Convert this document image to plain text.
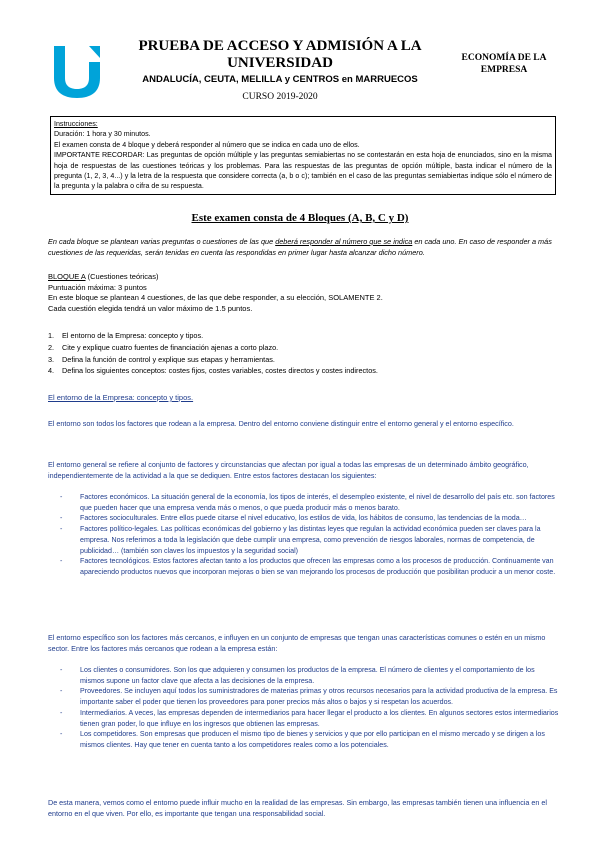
PRUEBA DE ACCESO Y ADMISIÓN A LA UNIVERSIDAD
ANDALUCÍA, CEUTA, MELILLA y CENTROS en MARRUECOS
CURSO 2019-2020
ECONOMÍA DE LA EMPRESA

Instrucciones:

Duración: 1 hora y 30 minutos.

El examen consta de 4 bloque y deberá responder al número que se indica en cada uno de ellos.

IMPORTANTE RECORDAR: Las preguntas de opción múltiple y las preguntas semiabiertas no se contestarán en esta hoja de enunciados, sino en la misma hoja de respuestas de las cuestiones teóricas y los problemas. Para las respuestas de las preguntas de opción múltiple, basta indicar el número de la pregunta (1, 2, 3, 4...) y la letra de la respuesta que considere correcta (a, b o c); también en el caso de las preguntas semiabiertas indique sólo el número de la pregunta y la palabra o cifra de su respuesta.

Este examen consta de 4 Bloques (A, B, C y D)

En cada bloque se plantean varias preguntas o cuestiones de las que deberá responder al número que se indica en cada uno. En caso de responder a más cuestiones de las requeridas, serán tenidas en cuenta las respondidas en primer lugar hasta alcanzar dicho número.

BLOQUE A (Cuestiones teóricas)

Puntuación máxima: 3 puntos

En este bloque se plantean 4 cuestiones, de las que debe responder, a su elección, SOLAMENTE 2.

Cada cuestión elegida tendrá un valor máximo de 1.5 puntos.

1.	El entorno de la Empresa: concepto y tipos.
2.	Cite y explique cuatro fuentes de financiación ajenas a corto plazo.
3.	Defina la función de control y explique sus etapas y herramientas.
4.	Defina los siguientes conceptos: costes fijos, costes variables, costes directos y costes indirectos.
El entorno de la Empresa: concepto y tipos.

El entorno son todos los factores que rodean a la empresa. Dentro del entorno conviene distinguir entre el entorno general y el entorno específico.

El entorno general se refiere al conjunto de factores y circunstancias que afectan por igual a todas las empresas de un determinado ámbito geográfico, independientemente de la actividad a la que se dediquen. Entre estos factores destacan los siguientes:

- Factores económicos. La situación general de la economía, los tipos de interés, el desempleo existente, el nivel de desarrollo del país etc. son factores que pueden hacer que una empresa venda más o menos, o que pueda producir más o menos barato.
- Factores socioculturales. Entre ellos puede citarse el nivel educativo, los estilos de vida, los hábitos de consumo, las tendencias de la moda…
- Factores político-legales. Las políticas económicas del gobierno y las distintas leyes que regulan la actividad económica pueden ser claves para la empresa. Nos referimos a toda la legislación que debe cumplir una empresa, como prevención de riesgos laborales, normas de competencia, de publicidad… (también son claves los impuestos y la seguridad social)
- Factores tecnológicos. Estos factores afectan tanto a los productos que ofrecen las empresas como a los procesos de producción. Continuamente van apareciendo productos nuevos que incorporan mejoras o bien se van mejorando los procesos de producción que posibilitan producir a un menor coste.

El entorno específico son los factores más cercanos, e influyen en un conjunto de empresas que tengan unas características comunes o estén en un mismo sector. Entre los factores más cercanos que rodean a la empresa están:

- Los clientes o consumidores. Son los que adquieren y consumen los productos de la empresa. El número de clientes y el comportamiento de los mismos supone un factor clave que afecta a las decisiones de la empresa.
- Proveedores. Se incluyen aquí todos los suministradores de materias primas y otros recursos necesarios para la actividad productiva de la empresa. Es importante saber el poder que tienen los proveedores para poner precios más altos o bajos y si respetan los acuerdos.
- Intermediarios. A veces, las empresas dependen de intermediarios para hacer llegar el producto a los clientes. En algunos sectores estos intermediarios tienen gran poder, lo que influye en los ingresos que obtienen las empresas.
- Los competidores. Son empresas que producen el mismo tipo de bienes y servicios y que por ello participan en el mismo mercado y se dirigen a los mismos clientes. Hay que tener en cuenta tanto a los competidores reales como a los potenciales.

De esta manera, vemos como el entorno puede influir mucho en la realidad de las empresas. Sin embargo, las empresas también tienen una influencia en el entorno en el que viven. Por ello, es importante que tengan una responsabilidad social.
